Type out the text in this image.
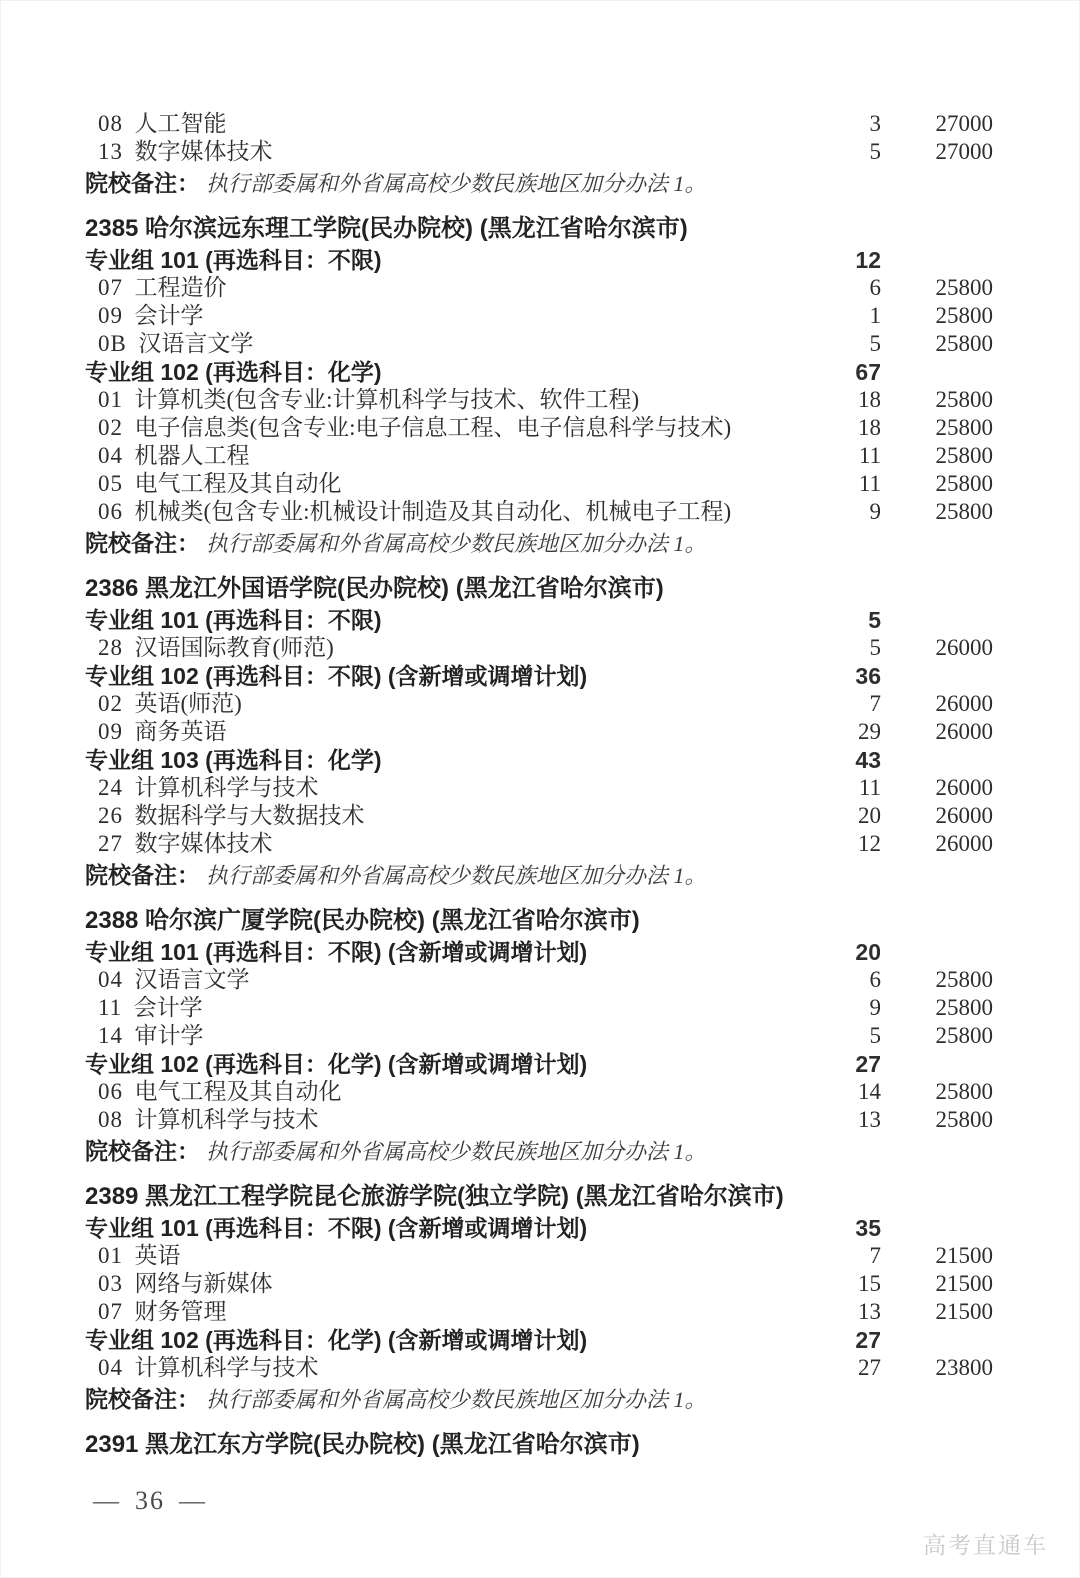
08  人工智能	3	27000
13  数字媒体技术	5	27000
院校备注： 执行部委属和外省属高校少数民族地区加分办法 1。
2385 哈尔滨远东理工学院(民办院校) (黑龙江省哈尔滨市)
专业组 101 (再选科目：不限)	12
07  工程造价	6	25800
09  会计学	1	25800
0B  汉语言文学	5	25800
专业组 102 (再选科目：化学)	67
01  计算机类(包含专业:计算机科学与技术、软件工程)	18	25800
02  电子信息类(包含专业:电子信息工程、电子信息科学与技术)	18	25800
04  机器人工程	11	25800
05  电气工程及其自动化	11	25800
06  机械类(包含专业:机械设计制造及其自动化、机械电子工程)	9	25800
院校备注： 执行部委属和外省属高校少数民族地区加分办法 1。
2386 黑龙江外国语学院(民办院校) (黑龙江省哈尔滨市)
专业组 101 (再选科目：不限)	5
28  汉语国际教育(师范)	5	26000
专业组 102 (再选科目：不限) (含新增或调增计划)	36
02  英语(师范)	7	26000
09  商务英语	29	26000
专业组 103 (再选科目：化学)	43
24  计算机科学与技术	11	26000
26  数据科学与大数据技术	20	26000
27  数字媒体技术	12	26000
院校备注： 执行部委属和外省属高校少数民族地区加分办法 1。
2388 哈尔滨广厦学院(民办院校) (黑龙江省哈尔滨市)
专业组 101 (再选科目：不限) (含新增或调增计划)	20
04  汉语言文学	6	25800
11  会计学	9	25800
14  审计学	5	25800
专业组 102 (再选科目：化学) (含新增或调增计划)	27
06  电气工程及其自动化	14	25800
08  计算机科学与技术	13	25800
院校备注： 执行部委属和外省属高校少数民族地区加分办法 1。
2389 黑龙江工程学院昆仑旅游学院(独立学院) (黑龙江省哈尔滨市)
专业组 101 (再选科目：不限) (含新增或调增计划)	35
01  英语	7	21500
03  网络与新媒体	15	21500
07  财务管理	13	21500
专业组 102 (再选科目：化学) (含新增或调增计划)	27
04  计算机科学与技术	27	23800
院校备注： 执行部委属和外省属高校少数民族地区加分办法 1。
2391 黑龙江东方学院(民办院校) (黑龙江省哈尔滨市)
— 36 —
高考直通车
